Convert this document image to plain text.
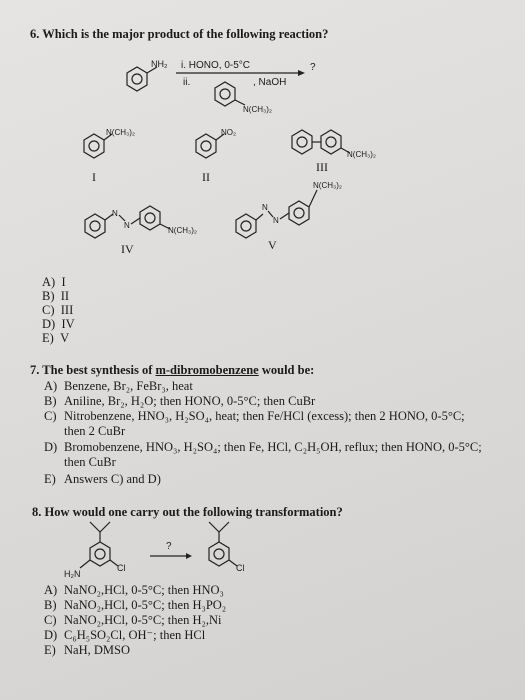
6. Which is the major product of the following reaction?
NH₂ i. HONO, 0-5°C
ii.	, NaOH
?
N(CH₃)₂
N(CH₃)₂	NO₂
N(CH₃)₂
N
N
N(CH₃)₂
N
N
N(CH₃)₂
I	II
III
IV	V
A) I
B) II
C) III
D) IV
E) V
7. The best synthesis of m-dibromobenzene would be:
A) Benzene, Br₂, FeBr₃, heat
B) Aniline, Br₂, H₂O; then HONO, 0-5°C; then CuBr
C) Nitrobenzene, HNO₃, H₂SO₄, heat; then Fe/HCl (excess); then 2 HONO, 0-5°C;
then 2 CuBr
D) Bromobenzene, HNO₃, H₂SO₄; then Fe, HCl, C₂H₅OH, reflux; then HONO, 0-5°C;
then CuBr
E) Answers C) and D)
8. How would one carry out the following transformation?
H₂N
Cl
?
Cl
A) NaNO₂,HCl, 0-5°C; then HNO₃
B) NaNO₂,HCl, 0-5°C; then H₃PO₂
C) NaNO₂,HCl, 0-5°C; then H₂,Ni
D) C₆H₅SO₂Cl, OH⁻; then HCl
E) NaH, DMSO
